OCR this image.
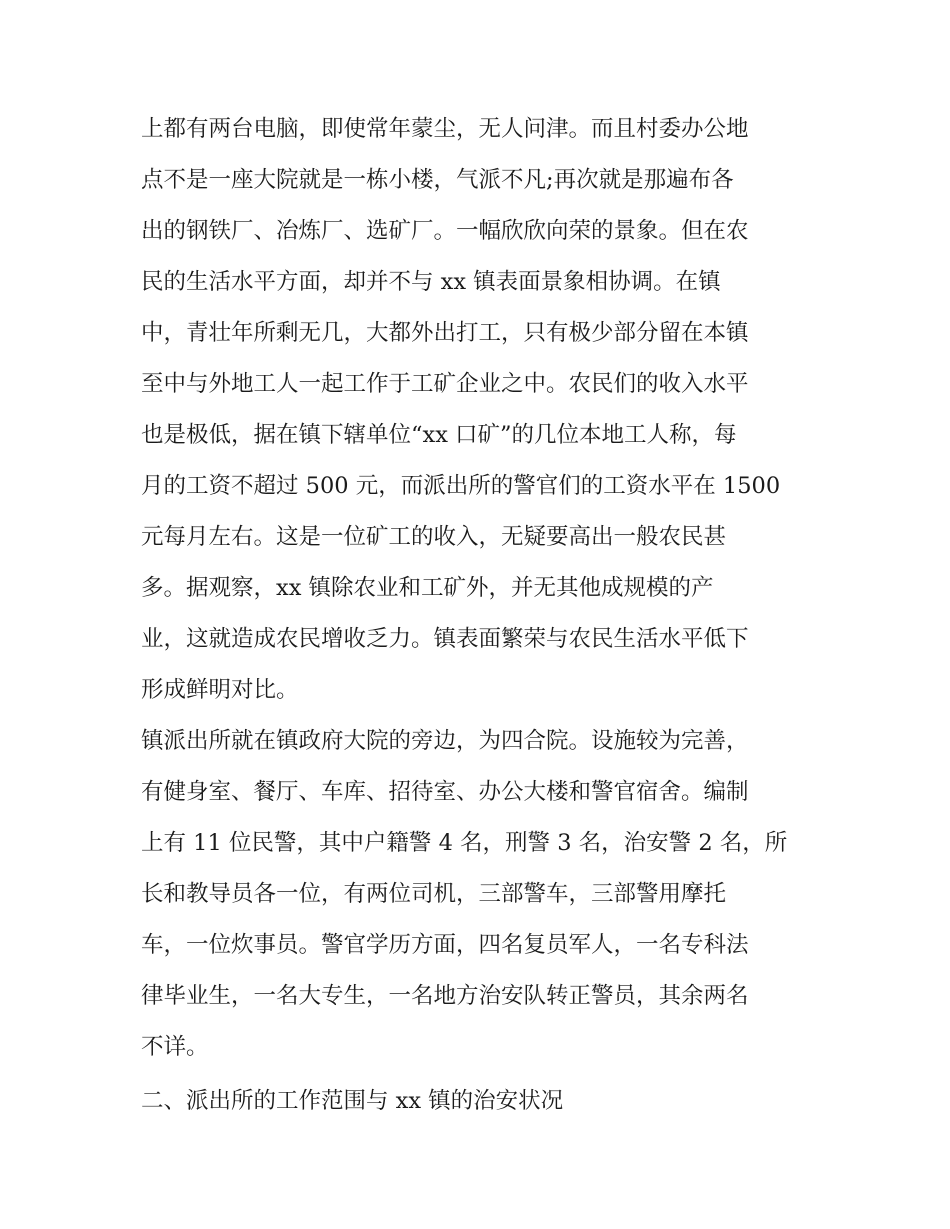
上都有两台电脑，即使常年蒙尘，无人问津。而且村委办公地
点不是一座大院就是一栋小楼，气派不凡;再次就是那遍布各
出的钢铁厂、冶炼厂、选矿厂。一幅欣欣向荣的景象。但在农
民的生活水平方面，却并不与 xx 镇表面景象相协调。在镇
中，青壮年所剩无几，大都外出打工，只有极少部分留在本镇
至中与外地工人一起工作于工矿企业之中。农民们的收入水平
也是极低，据在镇下辖单位“xx 口矿”的几位本地工人称，每
月的工资不超过 500 元，而派出所的警官们的工资水平在 1500
元每月左右。这是一位矿工的收入，无疑要高出一般农民甚
多。据观察，xx 镇除农业和工矿外，并无其他成规模的产
业，这就造成农民增收乏力。镇表面繁荣与农民生活水平低下
形成鲜明对比。
镇派出所就在镇政府大院的旁边，为四合院。设施较为完善，
有健身室、餐厅、车库、招待室、办公大楼和警官宿舍。编制
上有 11 位民警，其中户籍警 4 名，刑警 3 名，治安警 2 名，所
长和教导员各一位，有两位司机，三部警车，三部警用摩托
车，一位炊事员。警官学历方面，四名复员军人，一名专科法
律毕业生，一名大专生，一名地方治安队转正警员，其余两名
不详。
二、派出所的工作范围与 xx 镇的治安状况
